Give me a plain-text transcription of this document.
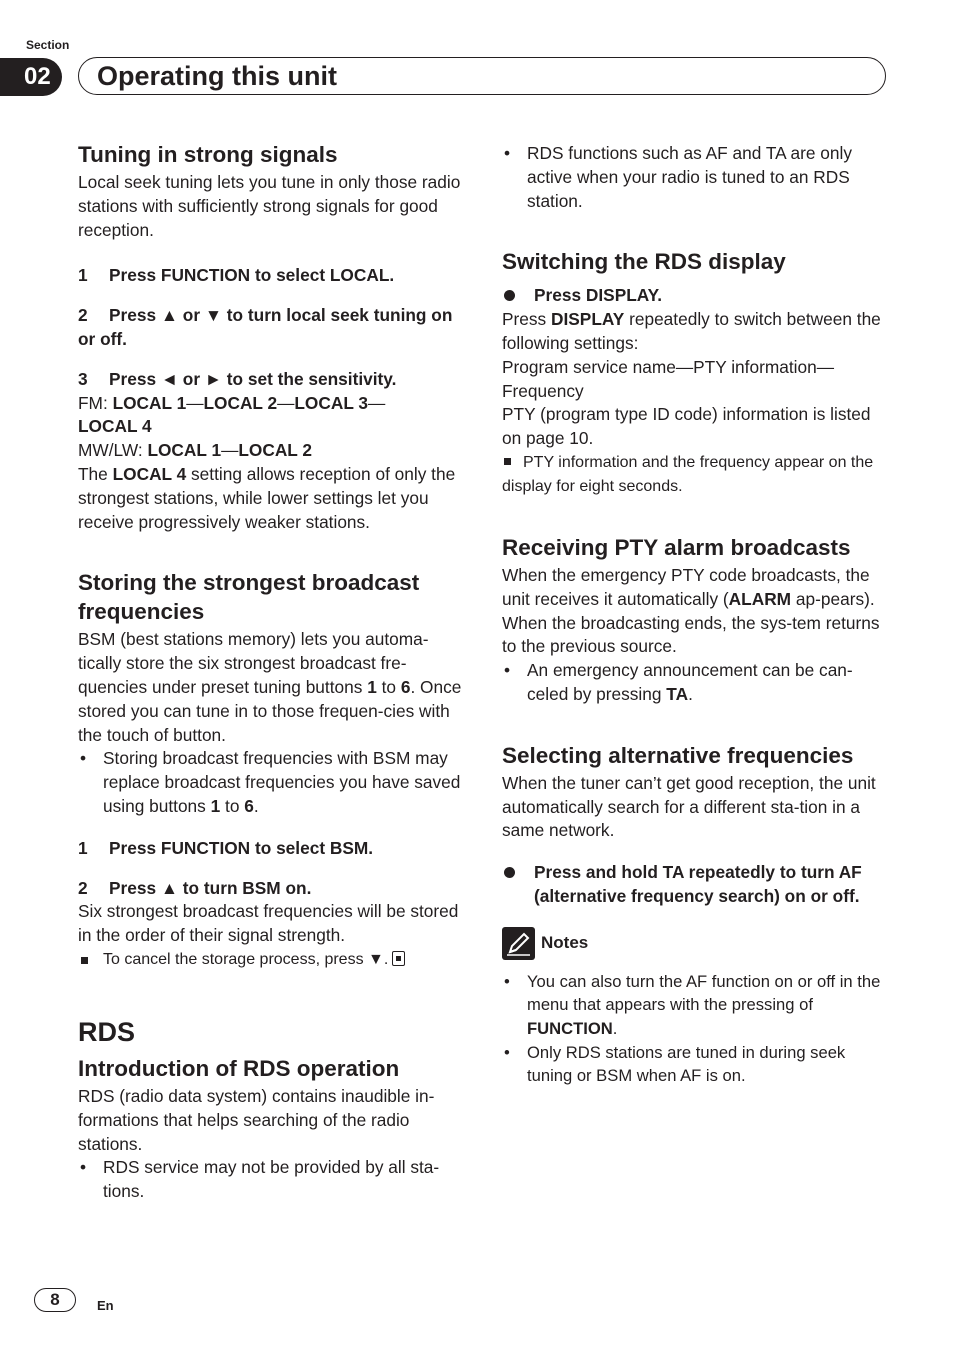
Section
02	Operating this unit
Tuning in strong signals

Local seek tuning lets you tune in only those radio stations with sufficiently strong signals for good reception.

1 Press FUNCTION to select LOCAL.

2 Press ▲ or ▼ to turn local seek tuning on or off.

3 Press ◄ or ► to set the sensitivity.

FM: LOCAL 1—LOCAL 2—LOCAL 3—
LOCAL 4

MW/LW: LOCAL 1—LOCAL 2

The LOCAL 4 setting allows reception of only the strongest stations, while lower settings let you receive progressively weaker stations.

Storing the strongest broadcast frequencies

BSM (best stations memory) lets you automa-tically store the six strongest broadcast fre-quencies under preset tuning buttons 1 to 6. Once stored you can tune in to those frequen-cies with the touch of button.

• Storing broadcast frequencies with BSM may replace broadcast frequencies you have saved using buttons 1 to 6.

1 Press FUNCTION to select BSM.

2 Press ▲ to turn BSM on.

Six strongest broadcast frequencies will be stored in the order of their signal strength.

To cancel the storage process, press ▼.

RDS
Introduction of RDS operation

RDS (radio data system) contains inaudible in-formations that helps searching of the radio stations.

• RDS service may not be provided by all sta-tions.

• RDS functions such as AF and TA are only active when your radio is tuned to an RDS station.

Switching the RDS display

Press DISPLAY.

Press DISPLAY repeatedly to switch between the following settings:

Program service name—PTY information—Frequency

PTY (program type ID code) information is listed on page 10.

PTY information and the frequency appear on the display for eight seconds.

Receiving PTY alarm broadcasts

When the emergency PTY code broadcasts, the unit receives it automatically (ALARM ap-pears). When the broadcasting ends, the sys-tem returns to the previous source.

• An emergency announcement can be can-celed by pressing TA.

Selecting alternative frequencies

When the tuner can’t get good reception, the unit automatically search for a different sta-tion in a same network.

Press and hold TA repeatedly to turn AF (alternative frequency search) on or off.

Notes

• You can also turn the AF function on or off in the menu that appears with the pressing of FUNCTION.

• Only RDS stations are tuned in during seek tuning or BSM when AF is on.

8	En
